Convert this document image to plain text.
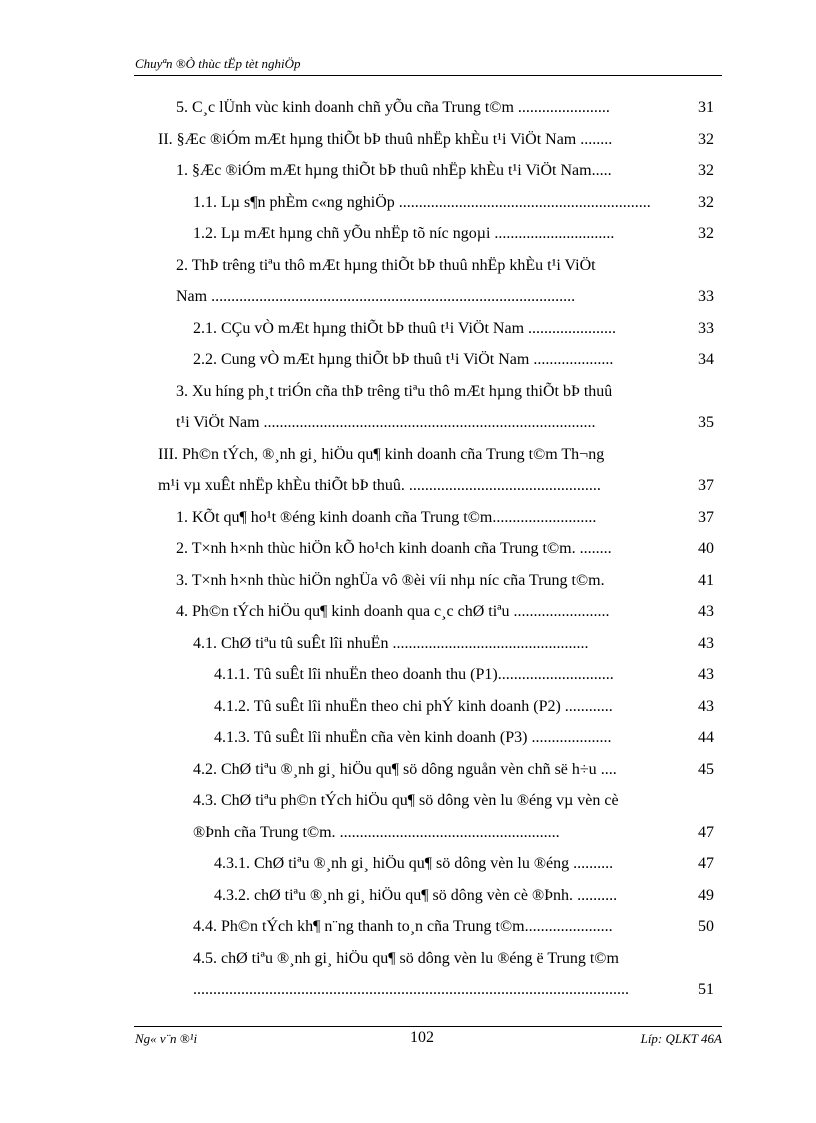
Chuyªn ®Ò thùc tËp tèt nghiÖp
5. C¸c lÜnh vùc kinh doanh chñ yÕu cña Trung t©m .......................	31
II. §Æc ®iÓm mÆt hµng thiÕt bÞ thuû nhËp khÈu t¹i ViÖt Nam ........	32
1. §Æc ®iÓm mÆt hµng thiÕt bÞ thuû nhËp khÈu t¹i ViÖt Nam.....	32
1.1. Lµ s¶n phÈm c«ng nghiÖp ...............................................................	32
1.2. Lµ mÆt hµng chñ yÕu nhËp tõ níc ngoµi ..............................	32
2. ThÞ trêng tiªu thô mÆt hµng thiÕt bÞ thuû nhËp khÈu t¹i ViÖt
Nam ...........................................................................................	33
2.1. CÇu vÒ mÆt hµng thiÕt bÞ thuû t¹i ViÖt Nam ......................	33
2.2. Cung vÒ mÆt hµng thiÕt bÞ thuû t¹i ViÖt Nam ....................	34
3. Xu híng ph¸t triÓn cña thÞ trêng tiªu thô mÆt hµng thiÕt bÞ thuû
t¹i ViÖt Nam ...................................................................................	35
III. Ph©n tÝch, ®¸nh gi¸ hiÖu qu¶ kinh doanh cña Trung t©m Th¬ng
m¹i vµ xuÊt nhËp khÈu thiÕt bÞ thuû. ................................................	37
1. KÕt qu¶ ho¹t ®éng kinh doanh cña Trung t©m..........................	37
2. T×nh h×nh thùc hiÖn kÕ ho¹ch kinh doanh cña Trung t©m. ........	40
3. T×nh h×nh thùc hiÖn nghÜa vô ®èi víi nhµ níc cña Trung t©m.	41
4. Ph©n tÝch hiÖu qu¶ kinh doanh qua c¸c chØ tiªu ........................	43
4.1. ChØ tiªu tû suÊt lîi nhuËn .................................................	43
4.1.1. Tû suÊt lîi nhuËn theo doanh thu (P1).............................	43
4.1.2. Tû suÊt lîi nhuËn theo chi phÝ kinh doanh (P2) ............	43
4.1.3. Tû suÊt lîi nhuËn cña vèn kinh doanh (P3) ....................	44
4.2. ChØ tiªu ®¸nh gi¸ hiÖu qu¶ sö dông nguån vèn chñ së h÷u ....	45
4.3. ChØ tiªu ph©n tÝch hiÖu qu¶ sö dông vèn lu ®éng vµ vèn cè
®Þnh cña Trung t©m. .......................................................	47
4.3.1. ChØ tiªu ®¸nh gi¸ hiÖu qu¶ sö dông vèn lu ®éng ..........	47
4.3.2. chØ tiªu ®¸nh gi¸ hiÖu qu¶ sö dông vèn cè ®Þnh. ..........	49
4.4. Ph©n tÝch kh¶ n¨ng thanh to¸n cña Trung t©m......................	50
4.5. chØ tiªu ®¸nh gi¸ hiÖu qu¶ sö dông vèn lu ®éng ë Trung t©m
.............................................................................................................	51
Ng« v¨n ®¹i	102	Líp: QLKT 46A
